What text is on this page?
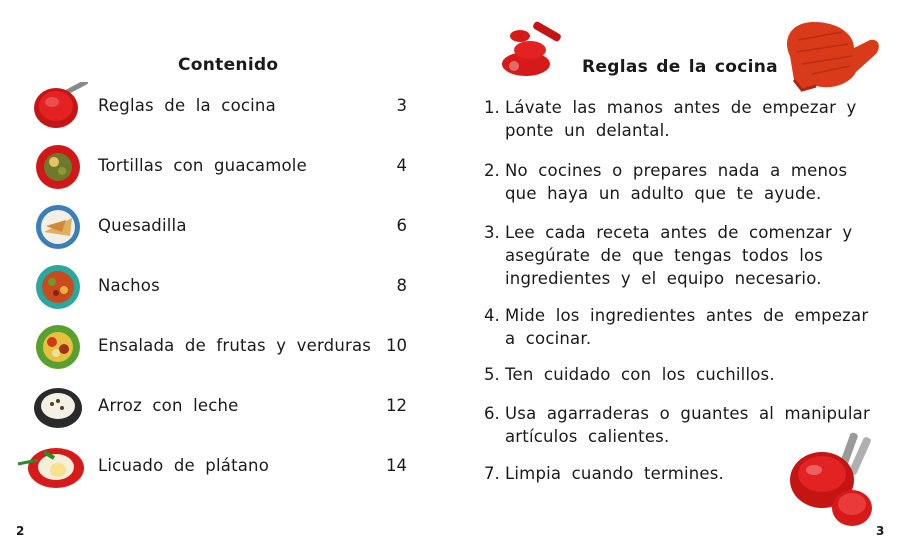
Contenido
Reglas de la cocina	3
Tortillas con guacamole	4
Quesadilla	6
Nachos	8
Ensalada de frutas y verduras 10
Arroz con leche	12
Licuado de plátano	14
2
Reglas de la cocina
1. Lávate las manos antes de empezar y ponte un delantal.
2. No cocines o prepares nada a menos que haya un adulto que te ayude.
3. Lee cada receta antes de comenzar y asegúrate de que tengas todos los ingredientes y el equipo necesario.
4. Mide los ingredientes antes de empezar a cocinar.
5. Ten cuidado con los cuchillos.
6. Usa agarraderas o guantes al manipular artículos calientes.
7. Limpia cuando termines.
3
